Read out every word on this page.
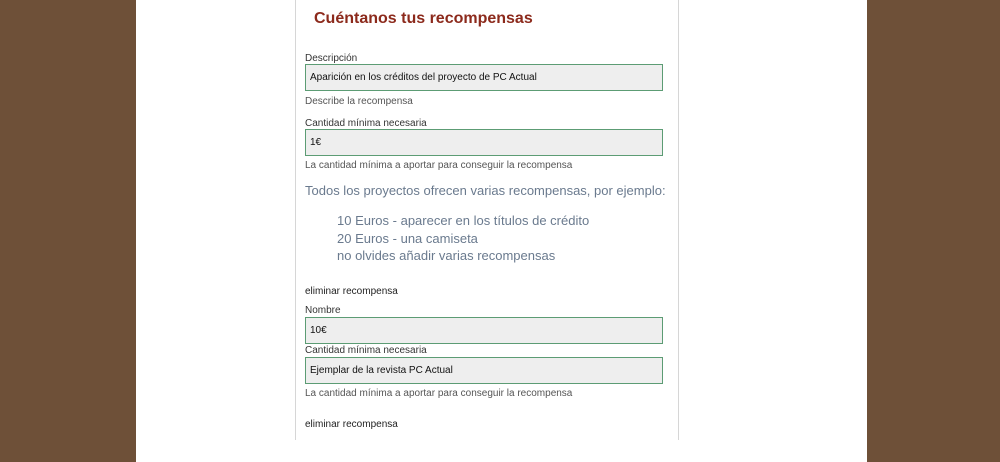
Cuéntanos tus recompensas
Descripción
Aparición en los créditos del proyecto de PC Actual
Describe la recompensa
Cantidad mínima necesaria
1€
La cantidad mínima a aportar para conseguir la recompensa
Todos los proyectos ofrecen varias recompensas, por ejemplo:
10 Euros - aparecer en los títulos de crédito
20 Euros - una camiseta
no olvides añadir varias recompensas
eliminar recompensa
Nombre
10€
Cantidad mínima necesaria
Ejemplar de la revista PC Actual
La cantidad mínima a aportar para conseguir la recompensa
eliminar recompensa
